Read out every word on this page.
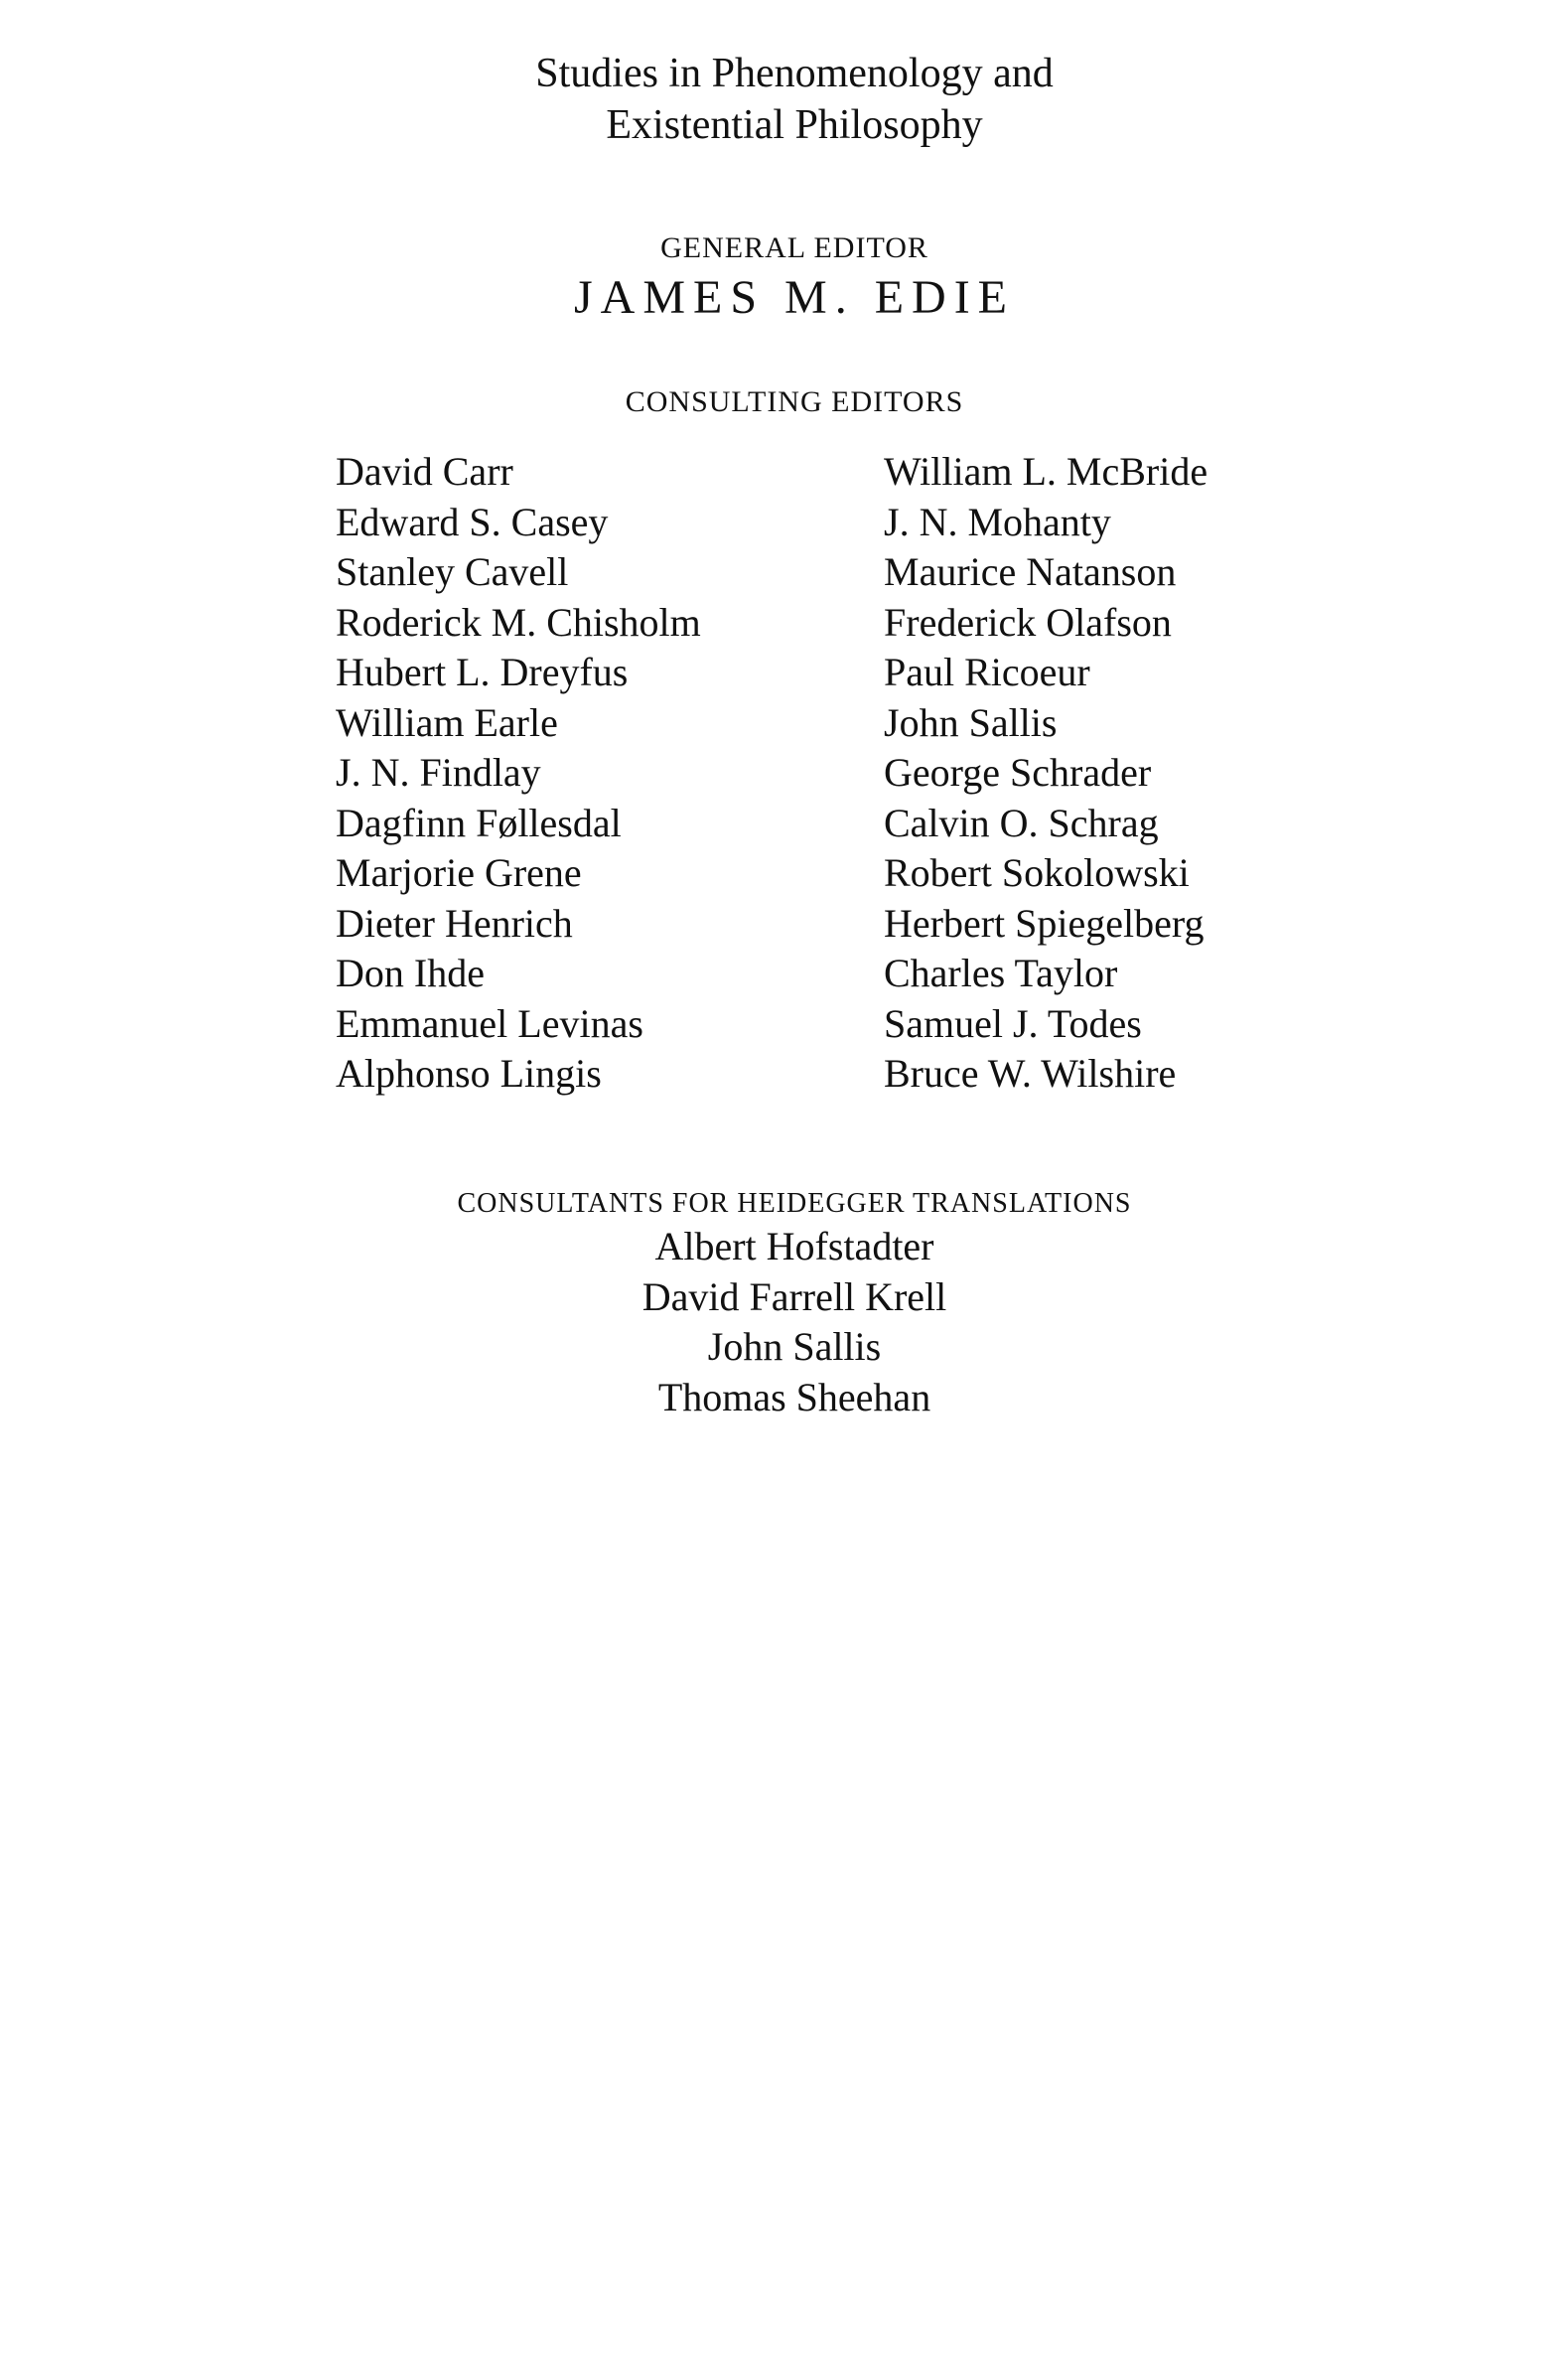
Studies in Phenomenology and
Existential Philosophy
GENERAL EDITOR
JAMES M. EDIE
CONSULTING EDITORS
David Carr
Edward S. Casey
Stanley Cavell
Roderick M. Chisholm
Hubert L. Dreyfus
William Earle
J. N. Findlay
Dagfinn Føllesdal
Marjorie Grene
Dieter Henrich
Don Ihde
Emmanuel Levinas
Alphonso Lingis
William L. McBride
J. N. Mohanty
Maurice Natanson
Frederick Olafson
Paul Ricoeur
John Sallis
George Schrader
Calvin O. Schrag
Robert Sokolowski
Herbert Spiegelberg
Charles Taylor
Samuel J. Todes
Bruce W. Wilshire
CONSULTANTS FOR HEIDEGGER TRANSLATIONS
Albert Hofstadter
David Farrell Krell
John Sallis
Thomas Sheehan
